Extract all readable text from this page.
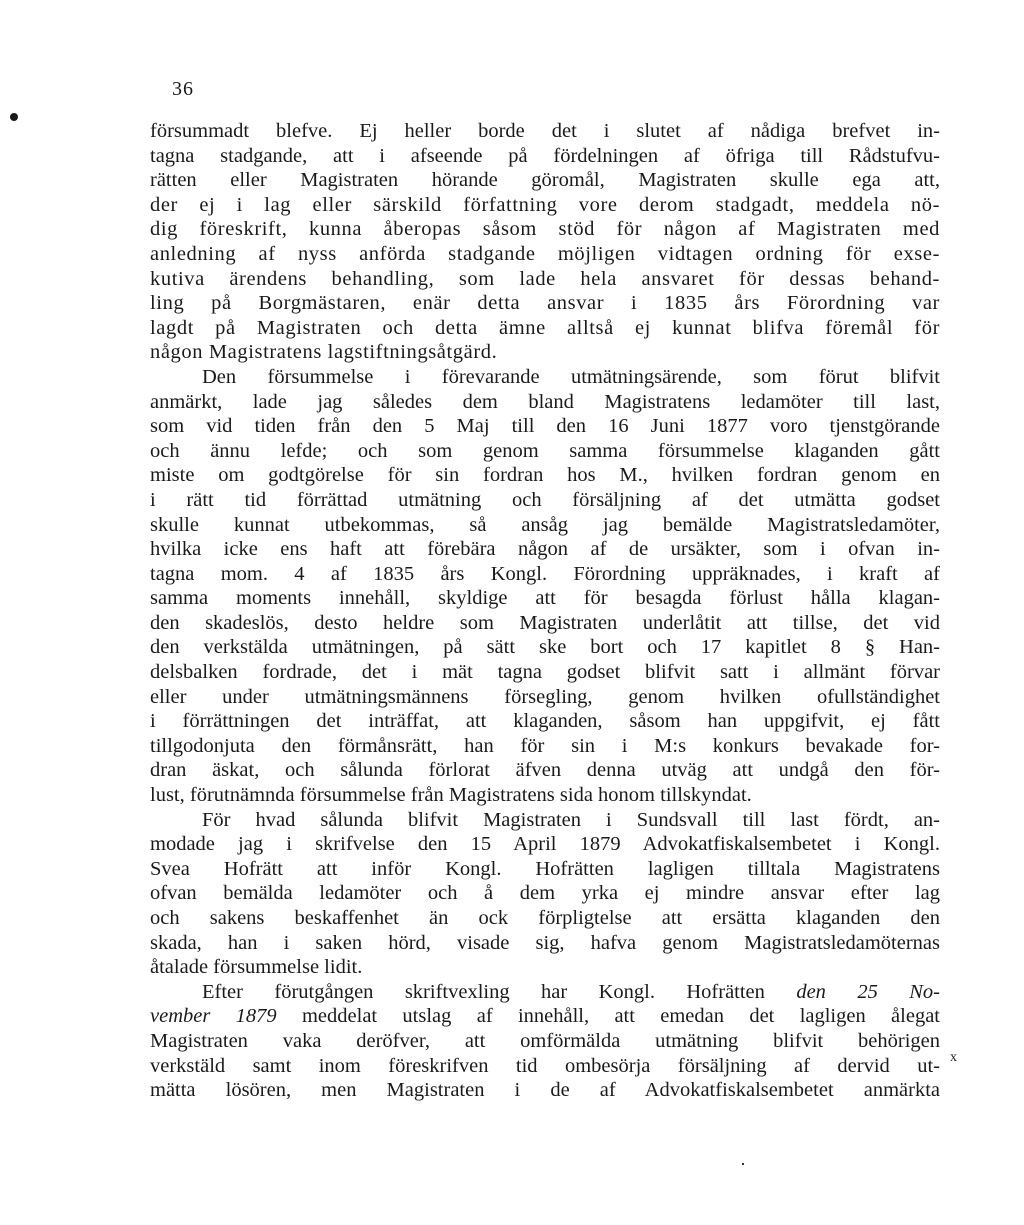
36
x
försummadt blefve. Ej heller borde det i slutet af nådiga brefvet in-
tagna stadgande, att i afseende på fördelningen af öfriga till Rådstufvu-
rätten eller Magistraten hörande göromål, Magistraten skulle ega att,
der ej i lag eller särskild författning vore derom stadgadt, meddela nö-
dig föreskrift, kunna åberopas såsom stöd för någon af Magistraten med
anledning af nyss anförda stadgande möjligen vidtagen ordning för exse-
kutiva ärendens behandling, som lade hela ansvaret för dessas behand-
ling på Borgmästaren, enär detta ansvar i 1835 års Förordning var
lagdt på Magistraten och detta ämne alltså ej kunnat blifva föremål för
någon Magistratens lagstiftningsåtgärd.
Den försummelse i förevarande utmätningsärende, som förut blifvit
anmärkt, lade jag således dem bland Magistratens ledamöter till last,
som vid tiden från den 5 Maj till den 16 Juni 1877 voro tjenstgörande
och ännu lefde; och som genom samma försummelse klaganden gått
miste om godtgörelse för sin fordran hos M., hvilken fordran genom en
i rätt tid förrättad utmätning och försäljning af det utmätta godset
skulle kunnat utbekommas, så ansåg jag bemälde Magistratsledamöter,
hvilka icke ens haft att förebära någon af de ursäkter, som i ofvan in-
tagna mom. 4 af 1835 års Kongl. Förordning uppräknades, i kraft af
samma moments innehåll, skyldige att för besagda förlust hålla klagan-
den skadeslös, desto heldre som Magistraten underlåtit att tillse, det vid
den verkstälda utmätningen, på sätt ske bort och 17 kapitlet 8 § Han-
delsbalken fordrade, det i mät tagna godset blifvit satt i allmänt förvar
eller under utmätningsmännens försegling, genom hvilken ofullständighet
i förrättningen det inträffat, att klaganden, såsom han uppgifvit, ej fått
tillgodonjuta den förmånsrätt, han för sin i M:s konkurs bevakade for-
dran äskat, och sålunda förlorat äfven denna utväg att undgå den för-
lust, förutnämnda försummelse från Magistratens sida honom tillskyndat.
För hvad sålunda blifvit Magistraten i Sundsvall till last fördt, an-
modade jag i skrifvelse den 15 April 1879 Advokatfiskalsembetet i Kongl.
Svea Hofrätt att inför Kongl. Hofrätten lagligen tilltala Magistratens
ofvan bemälda ledamöter och å dem yrka ej mindre ansvar efter lag
och sakens beskaffenhet än ock förpligtelse att ersätta klaganden den
skada, han i saken hörd, visade sig, hafva genom Magistratsledamöternas
åtalade försummelse lidit.
Efter förutgången skriftvexling har Kongl. Hofrätten den 25 No-
vember 1879 meddelat utslag af innehåll, att emedan det lagligen ålegat
Magistraten vaka deröfver, att omförmälda utmätning blifvit behörigen
verkstäld samt inom föreskrifven tid ombesörja försäljning af dervid ut-
mätta lösören, men Magistraten i de af Advokatfiskalsembetet anmärkta
